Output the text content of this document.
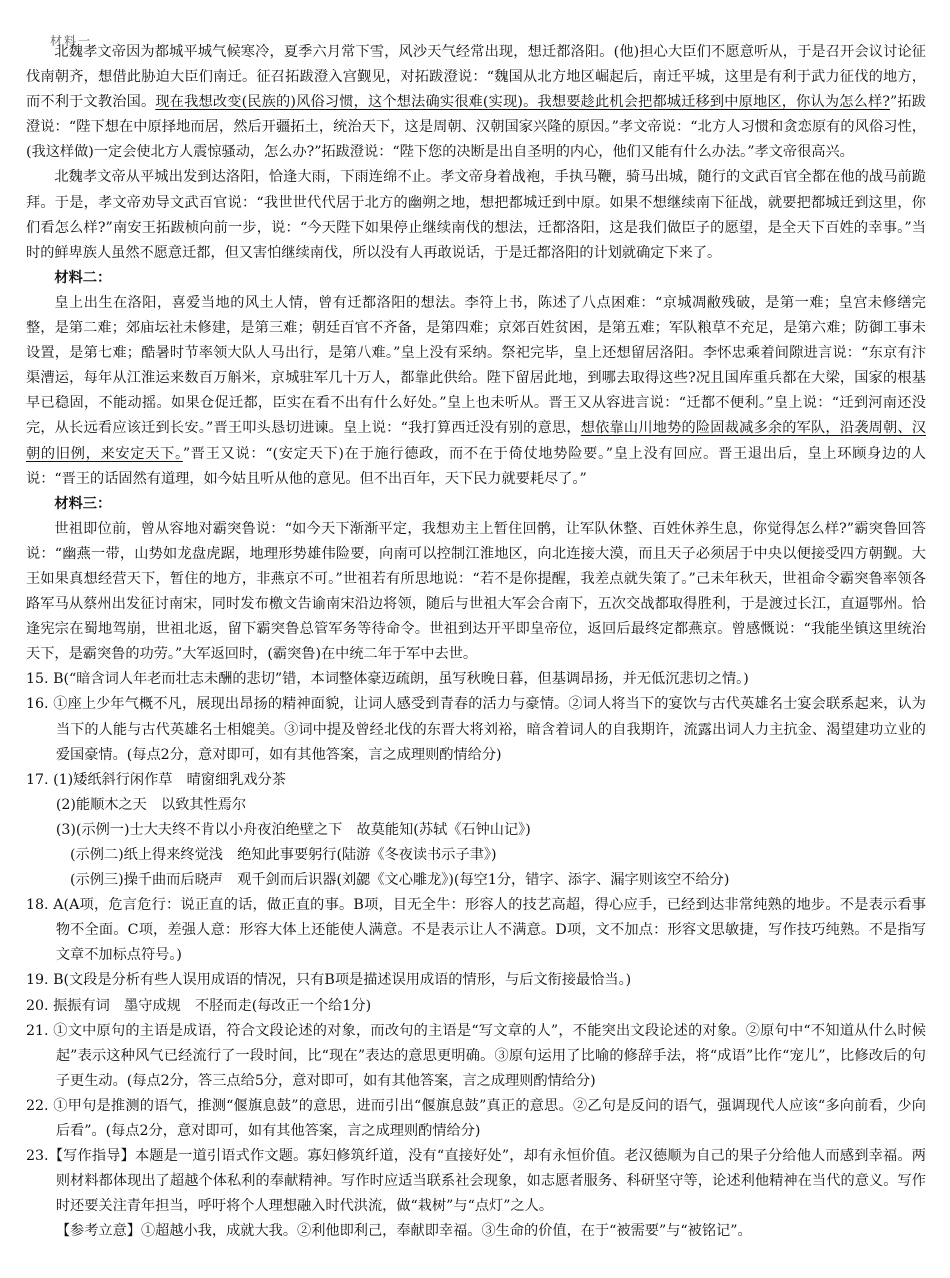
材料一

北魏孝文帝因为都城平城气候寒冷，夏季六月常下雪，风沙天气经常出现，想迁都洛阳。(他)担心大臣们不愿意听从，于是召开会议讨论征伐南朝齐，想借此胁迫大臣们南迁。征召拓跋澄入宫觐见，对拓跋澄说：“魏国从北方地区崛起后，南迁平城，这里是有利于武力征伐的地方，而不利于文教治国。现在我想改变(民族的)风俗习惯，这个想法确实很难(实现)。我想要趁此机会把都城迁移到中原地区，你认为怎么样?”拓跋澄说：“陛下想在中原择地而居，然后开疆拓土，统治天下，这是周朝、汉朝国家兴隆的原因。”孝文帝说：“北方人习惯和贪恋原有的风俗习性，(我这样做)一定会使北方人震惊骚动，怎么办?”拓跋澄说：“陛下您的决断是出自圣明的内心，他们又能有什么办法。”孝文帝很高兴。

北魏孝文帝从平城出发到达洛阳，恰逢大雨，下雨连绵不止。孝文帝身着战袍，手执马鞭，骑马出城，随行的文武百官全都在他的战马前跪拜。于是，孝文帝劝导文武百官说：“我世世代代居于北方的幽朔之地，想把都城迁到中原。如果不想继续南下征战，就要把都城迁到这里，你们看怎么样?”南安王拓跋桢向前一步，说：“今天陛下如果停止继续南伐的想法，迁都洛阳，这是我们做臣子的愿望，是全天下百姓的幸事。”当时的鲜卑族人虽然不愿意迁都，但又害怕继续南伐，所以没有人再敢说话，于是迁都洛阳的计划就确定下来了。

材料二：

皇上出生在洛阳，喜爱当地的风土人情，曾有迁都洛阳的想法。李符上书，陈述了八点困难：“京城凋敝残破，是第一难；皇宫未修缮完整，是第二难；郊庙坛社未修建，是第三难；朝廷百官不齐备，是第四难；京郊百姓贫困，是第五难；军队粮草不充足，是第六难；防御工事未设置，是第七难；酷暑时节率领大队人马出行，是第八难。”皇上没有采纳。祭祀完毕，皇上还想留居洛阳。李怀忠乘着间隙进言说：“东京有汴渠漕运，每年从江淮运来数百万斛米，京城驻军几十万人，都靠此供给。陛下留居此地，到哪去取得这些?况且国库重兵都在大梁，国家的根基早已稳固，不能动摇。如果仓促迁都，臣实在看不出有什么好处。”皇上也未听从。晋王又从容进言说：“迁都不便利。”皇上说：“迁到河南还没完，从长远看应该迁到长安。”晋王叩头恳切进谏。皇上说：“我打算西迁没有别的意思，想依靠山川地势的险固裁减多余的军队，沿袭周朝、汉朝的旧例，来安定天下。”晋王又说：“(安定天下)在于施行德政，而不在于倚仗地势险要。”皇上没有回应。晋王退出后，皇上环顾身边的人说：“晋王的话固然有道理，如今姑且听从他的意见。但不出百年，天下民力就要耗尽了。”

材料三：

世祖即位前，曾从容地对霸突鲁说：“如今天下渐渐平定，我想劝主上暂住回鹘，让军队休整、百姓休养生息，你觉得怎么样?”霸突鲁回答说：“幽燕一带，山势如龙盘虎踞，地理形势雄伟险要，向南可以控制江淮地区，向北连接大漠，而且天子必须居于中央以便接受四方朝觐。大王如果真想经营天下，暂住的地方，非燕京不可。”世祖若有所思地说：“若不是你提醒，我差点就失策了。”己未年秋天，世祖命令霸突鲁率领各路军马从蔡州出发征讨南宋，同时发布檄文告谕南宋沿边将领，随后与世祖大军会合南下，五次交战都取得胜利，于是渡过长江，直逼鄂州。恰逢宪宗在蜀地驾崩，世祖北返，留下霸突鲁总管军务等待命令。世祖到达开平即皇帝位，返回后最终定都燕京。曾感慨说：“我能坐镇这里统治天下，是霸突鲁的功劳。”大军返回时，(霸突鲁)在中统二年于军中去世。

15. B(“暗含词人年老而壮志未酬的悲切”错，本词整体豪迈疏朗，虽写秋晚日暮，但基调昂扬，并无低沉悲切之情。)

16. ①座上少年气概不凡，展现出昂扬的精神面貌，让词人感受到青春的活力与豪情。②词人将当下的宴饮与古代英雄名士宴会联系起来，认为当下的人能与古代英雄名士相媲美。③词中提及曾经北伐的东晋大将刘裕，暗含着词人的自我期许，流露出词人力主抗金、渴望建功立业的爱国豪情。(每点2分，意对即可，如有其他答案，言之成理则酌情给分)

17. (1)矮纸斜行闲作草　晴窗细乳戏分茶

(2)能顺木之天　以致其性焉尔

(3)(示例一)士大夫终不肯以小舟夜泊绝壁之下　故莫能知(苏轼《石钟山记》)

(示例二)纸上得来终觉浅　绝知此事要躬行(陆游《冬夜读书示子聿》)

(示例三)操千曲而后晓声　观千剑而后识器(刘勰《文心雕龙》)(每空1分，错字、添字、漏字则该空不给分)

18. A(A项，危言危行：说正直的话，做正直的事。B项，目无全牛：形容人的技艺高超，得心应手，已经到达非常纯熟的地步。不是表示看事物不全面。C项，差强人意：形容大体上还能使人满意。不是表示让人不满意。D项，文不加点：形容文思敏捷，写作技巧纯熟。不是指写文章不加标点符号。)

19. B(文段是分析有些人误用成语的情况，只有B项是描述误用成语的情形，与后文衔接最恰当。)

20. 振振有词　墨守成规　不胫而走(每改正一个给1分)

21. ①文中原句的主语是成语，符合文段论述的对象，而改句的主语是“写文章的人”，不能突出文段论述的对象。②原句中“不知道从什么时候起”表示这种风气已经流行了一段时间，比“现在”表达的意思更明确。③原句运用了比喻的修辞手法，将“成语”比作“宠儿”，比修改后的句子更生动。(每点2分，答三点给5分，意对即可，如有其他答案，言之成理则酌情给分)

22. ①甲句是推测的语气，推测“偃旗息鼓”的意思，进而引出“偃旗息鼓”真正的意思。②乙句是反问的语气，强调现代人应该“多向前看，少向后看”。(每点2分，意对即可，如有其他答案，言之成理则酌情给分)

23.【写作指导】本题是一道引语式作文题。寡妇修筑纤道，没有“直接好处”，却有永恒价值。老汉德顺为自己的果子分给他人而感到幸福。两则材料都体现出了超越个体私利的奉献精神。写作时应适当联系社会现象，如志愿者服务、科研坚守等，论述利他精神在当代的意义。写作时还要关注青年担当，呼吁将个人理想融入时代洪流，做“栽树”与“点灯”之人。

【参考立意】①超越小我，成就大我。②利他即利己，奉献即幸福。③生命的价值，在于“被需要”与“被铭记”。
